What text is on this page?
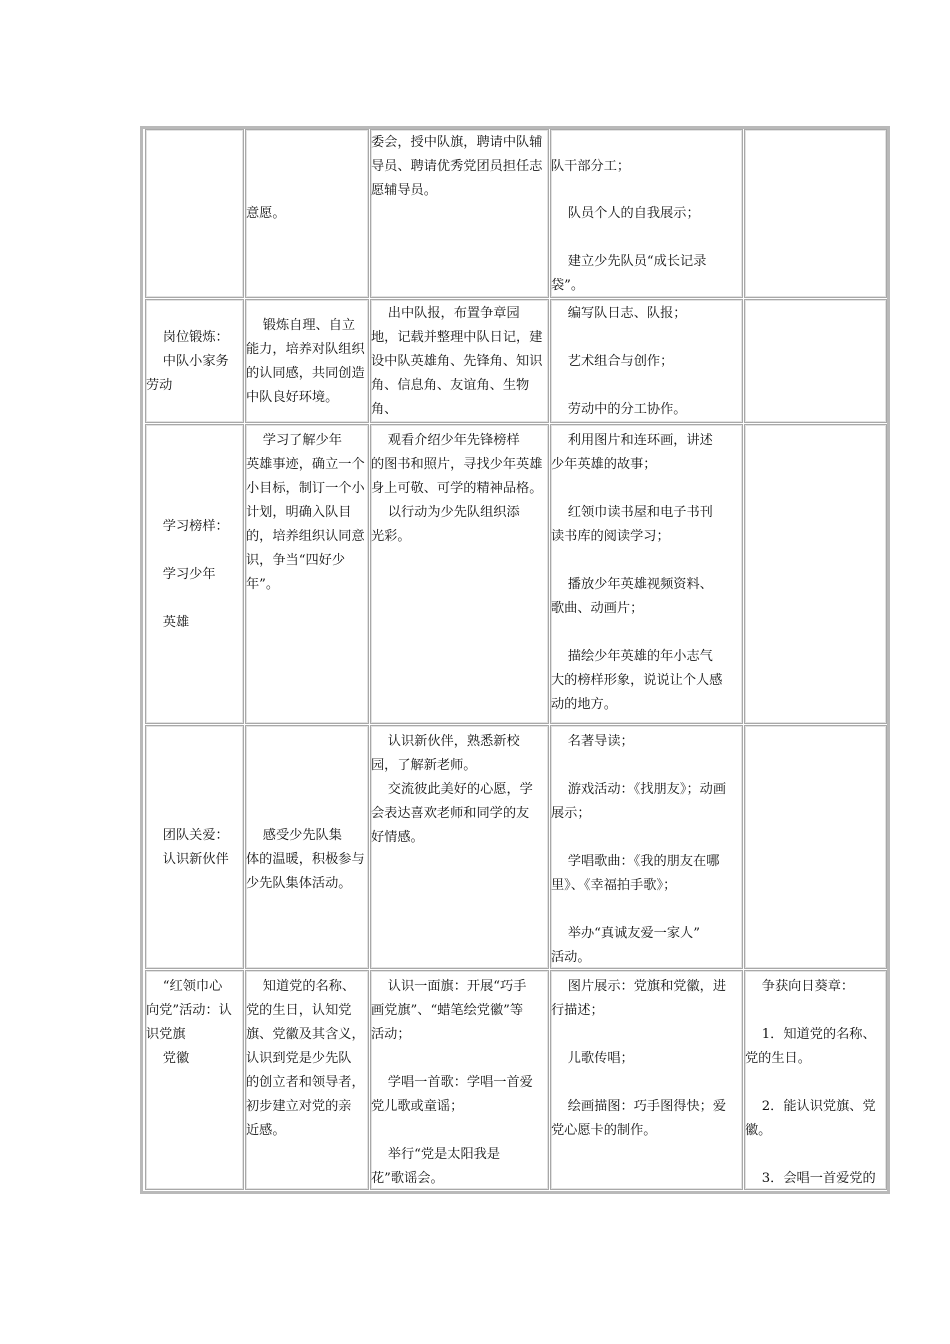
意愿。
委会，授中队旗，聘请中队辅
导员、聘请优秀党团员担任志
愿辅导员。
队干部分工；
队员个人的自我展示；
建立少先队员“成长记录
袋”。
岗位锻炼：
中队小家务
劳动
锻炼自理、自立
能力，培养对队组织
的认同感，共同创造
中队良好环境。
出中队报，布置争章园
地，记载并整理中队日记，建
设中队英雄角、先锋角、知识
角、信息角、友谊角、生物角、

编写队日志、队报；
艺术组合与创作；
劳动中的分工协作。
学习榜样：
学习少年
英雄
学习了解少年
英雄事迹，确立一个
小目标，制订一个小
计划，明确入队目
的，培养组织认同意
识，争当“四好少
年”。
观看介绍少年先锋榜样
的图书和照片，寻找少年英雄
身上可敬、可学的精神品格。
以行动为少先队组织添
光彩。
利用图片和连环画，讲述
少年英雄的故事；
红领巾读书屋和电子书刊
读书库的阅读学习；
播放少年英雄视频资料、
歌曲、动画片；
描绘少年英雄的年小志气
大的榜样形象，说说让个人感
动的地方。
团队关爱：
认识新伙伴
感受少先队集
体的温暖，积极参与
少先队集体活动。
认识新伙伴，熟悉新校
园，了解新老师。
交流彼此美好的心愿，学
会表达喜欢老师和同学的友
好情感。
名著导读；
游戏活动：《找朋友》；动画
展示；
学唱歌曲：《我的朋友在哪
里》、《幸福拍手歌》；
举办“真诚友爱一家人”
活动。
“红领巾心
向党”活动：认
识党旗
党徽
知道党的名称、
党的生日，认知党
旗、党徽及其含义，
认识到党是少先队
的创立者和领导者，
初步建立对党的亲
近感。
认识一面旗：开展“巧手
画党旗”、“蜡笔绘党徽”等
活动；
学唱一首歌：学唱一首爱
党儿歌或童谣；
举行“党是太阳我是
花”歌谣会。
图片展示：党旗和党徽，进
行描述；
儿歌传唱；
绘画描图：巧手图得快；爱
党心愿卡的制作。
争获向日葵章：
1．知道党的名称、
党的生日。
2．能认识党旗、党
徽。
3．会唱一首爱党的
